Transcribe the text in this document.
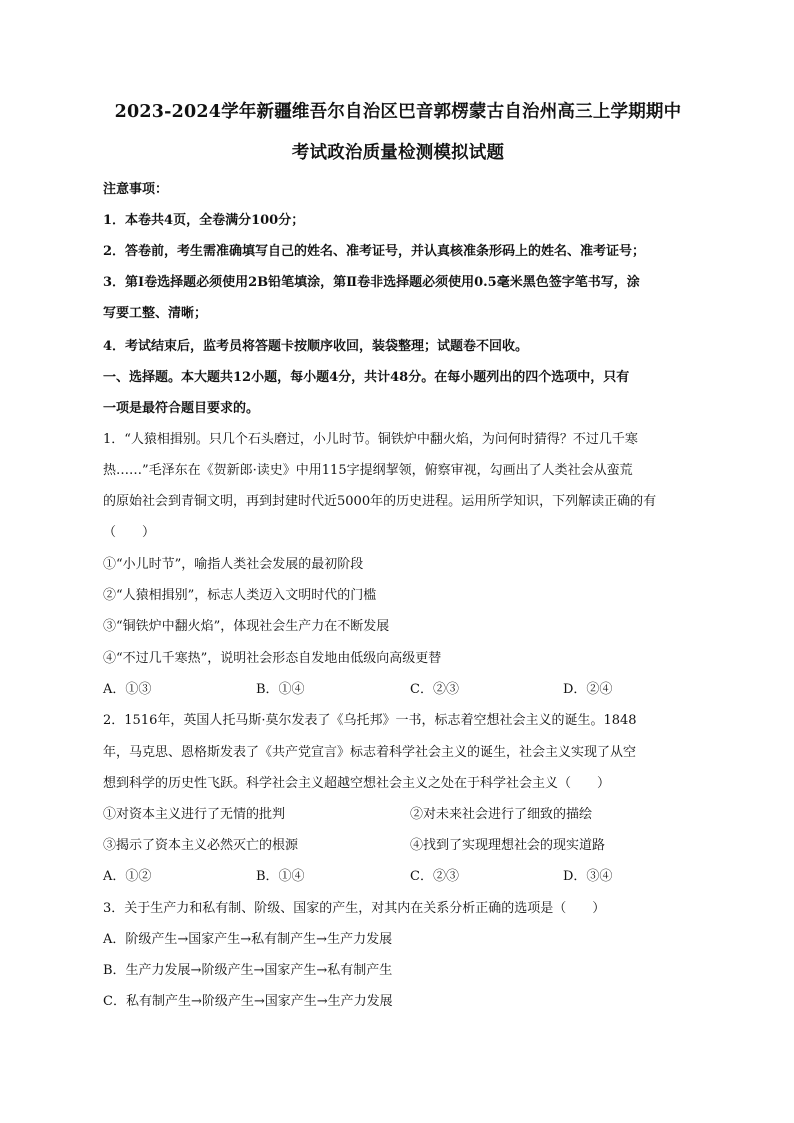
2023-2024学年新疆维吾尔自治区巴音郭楞蒙古自治州高三上学期期中
考试政治质量检测模拟试题
注意事项：
1．本卷共4页，全卷满分100分；
2．答卷前，考生需准确填写自己的姓名、准考证号，并认真核准条形码上的姓名、准考证号；
3．第Ⅰ卷选择题必须使用2B铅笔填涂，第Ⅱ卷非选择题必须使用0.5毫米黑色签字笔书写，涂
写要工整、清晰；
4．考试结束后，监考员将答题卡按顺序收回，装袋整理；试题卷不回收。
一、选择题。本大题共12小题，每小题4分，共计48分。在每小题列出的四个选项中，只有
一项是最符合题目要求的。
1．“人猿相揖别。只几个石头磨过，小儿时节。铜铁炉中翻火焰，为问何时猜得？不过几千寒
热……”毛泽东在《贺新郎·读史》中用115字提纲挈领，俯察审视，勾画出了人类社会从蛮荒
的原始社会到青铜文明，再到封建时代近5000年的历史进程。运用所学知识，下列解读正确的有
（　　）
①“小儿时节”，喻指人类社会发展的最初阶段
②“人猿相揖别”，标志人类迈入文明时代的门槛
③“铜铁炉中翻火焰”，体现社会生产力在不断发展
④“不过几千寒热”，说明社会形态自发地由低级向高级更替
A．①③	B．①④	C．②③	D．②④
2．1516年，英国人托马斯·莫尔发表了《乌托邦》一书，标志着空想社会主义的诞生。1848
年，马克思、恩格斯发表了《共产党宣言》标志着科学社会主义的诞生，社会主义实现了从空
想到科学的历史性飞跃。科学社会主义超越空想社会主义之处在于科学社会主义（　　）
①对资本主义进行了无情的批判	②对未来社会进行了细致的描绘
③揭示了资本主义必然灭亡的根源	④找到了实现理想社会的现实道路
A．①②	B．①④	C．②③	D．③④
3．关于生产力和私有制、阶级、国家的产生，对其内在关系分析正确的选项是（　　）
A．阶级产生→国家产生→私有制产生→生产力发展
B．生产力发展→阶级产生→国家产生→私有制产生
C．私有制产生→阶级产生→国家产生→生产力发展
